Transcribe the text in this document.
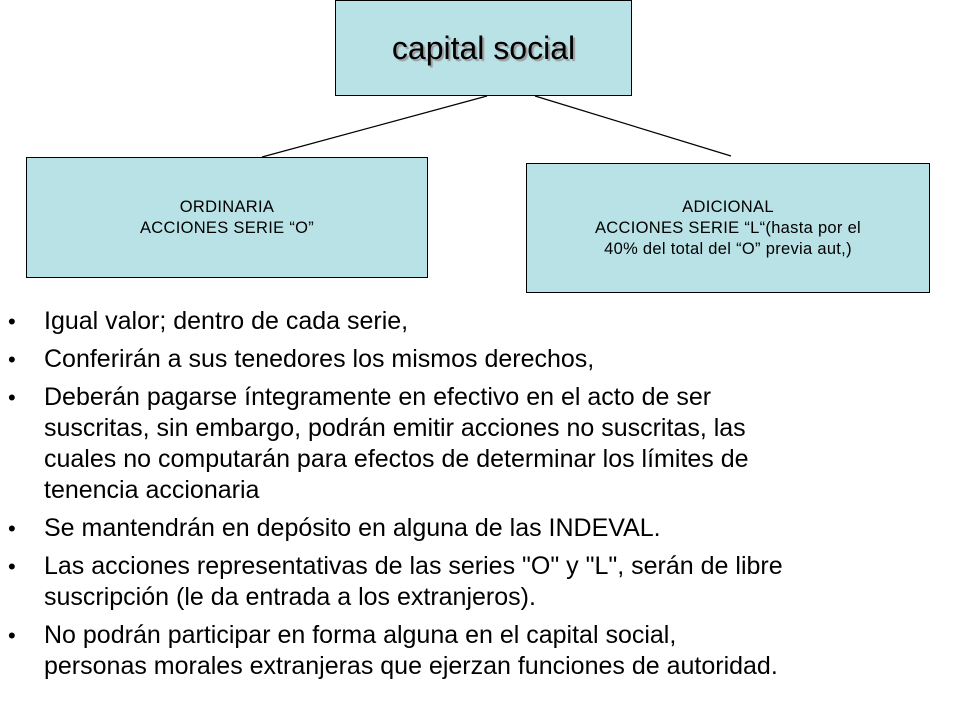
capital social
ORDINARIA
ACCIONES SERIE “O”
ADICIONAL
ACCIONES SERIE “L“(hasta por el
40% del total del “O” previa aut,)
• Igual valor; dentro de cada serie,
• Conferirán a sus tenedores los mismos derechos,
• Deberán pagarse íntegramente en efectivo en el acto de ser
suscritas, sin embargo, podrán emitir acciones no suscritas, las
cuales no computarán para efectos de determinar los límites de
tenencia accionaria
• Se mantendrán en depósito en alguna de las INDEVAL.
• Las acciones representativas de las series "O" y "L", serán de libre
suscripción (le da entrada a los extranjeros).
• No podrán participar en forma alguna en el capital social,
personas morales extranjeras que ejerzan funciones de autoridad.
